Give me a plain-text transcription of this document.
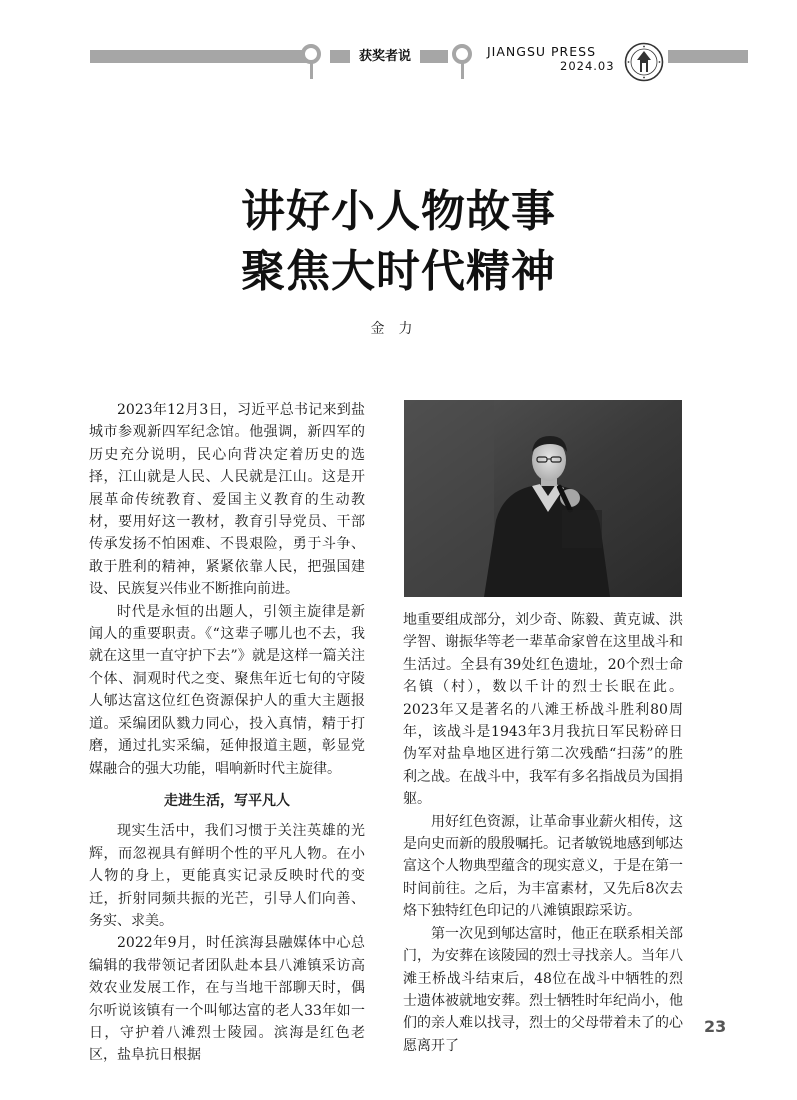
获奖者说	JIANGSU PRESS
2024.03
讲好小人物故事
聚焦大时代精神
金力

2023年12月3日，习近平总书记来到盐城市参观新四军纪念馆。他强调，新四军的历史充分说明，民心向背决定着历史的选择，江山就是人民、人民就是江山。这是开展革命传统教育、爱国主义教育的生动教材，要用好这一教材，教育引导党员、干部传承发扬不怕困难、不畏艰险，勇于斗争、敢于胜利的精神，紧紧依靠人民，把强国建设、民族复兴伟业不断推向前进。

时代是永恒的出题人，引领主旋律是新闻人的重要职责。《“这辈子哪儿也不去，我就在这里一直守护下去”》就是这样一篇关注个体、洞观时代之变、聚焦年近七旬的守陵人郇达富这位红色资源保护人的重大主题报道。采编团队戮力同心，投入真情，精于打磨，通过扎实采编，延伸报道主题，彰显党媒融合的强大功能，唱响新时代主旋律。

走进生活，写平凡人

现实生活中，我们习惯于关注英雄的光辉，而忽视具有鲜明个性的平凡人物。在小人物的身上，更能真实记录反映时代的变迁，折射同频共振的光芒，引导人们向善、务实、求美。

2022年9月，时任滨海县融媒体中心总编辑的我带领记者团队赴本县八滩镇采访高效农业发展工作，在与当地干部聊天时，偶尔听说该镇有一个叫郇达富的老人33年如一日，守护着八滩烈士陵园。滨海是红色老区，盐阜抗日根据

地重要组成部分，刘少奇、陈毅、黄克诚、洪学智、谢振华等老一辈革命家曾在这里战斗和生活过。全县有39处红色遗址，20个烈士命名镇（村），数以千计的烈士长眠在此。2023年又是著名的八滩王桥战斗胜利80周年，该战斗是1943年3月我抗日军民粉碎日伪军对盐阜地区进行第二次残酷“扫荡”的胜利之战。在战斗中，我军有多名指战员为国捐躯。

用好红色资源，让革命事业薪火相传，这是向史而新的殷殷嘱托。记者敏锐地感到郇达富这个人物典型蕴含的现实意义，于是在第一时间前往。之后，为丰富素材，又先后8次去烙下独特红色印记的八滩镇跟踪采访。

第一次见到郇达富时，他正在联系相关部门，为安葬在该陵园的烈士寻找亲人。当年八滩王桥战斗结束后，48位在战斗中牺牲的烈士遗体被就地安葬。烈士牺牲时年纪尚小，他们的亲人难以找寻，烈士的父母带着未了的心愿离开了

23
